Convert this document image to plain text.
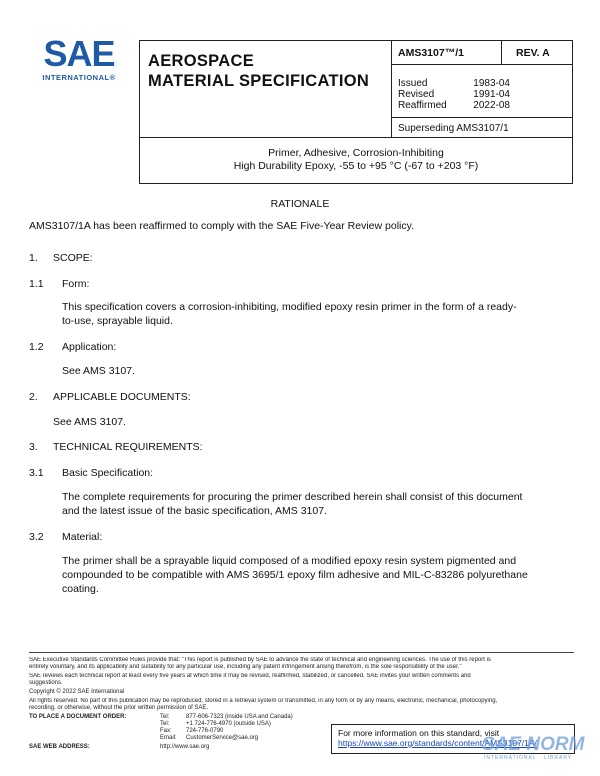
SAE
INTERNATIONAL®
AEROSPACE
MATERIAL SPECIFICATION
AMS3107™/1	REV. A
Issued	1983-04
Revised	1991-04
Reaffirmed	2022-08
Superseding AMS3107/1
Primer, Adhesive, Corrosion-Inhibiting
High Durability Epoxy, -55 to +95 °C (-67 to +203 °F)
RATIONALE
AMS3107/1A has been reaffirmed to comply with the SAE Five-Year Review policy.
1. SCOPE:
1.1 Form:
This specification covers a corrosion-inhibiting, modified epoxy resin primer in the form of a ready-
to-use, sprayable liquid.
1.2 Application:
See AMS 3107.
2. APPLICABLE DOCUMENTS:
See AMS 3107.
3. TECHNICAL REQUIREMENTS:
3.1 Basic Specification:
The complete requirements for procuring the primer described herein shall consist of this document
and the latest issue of the basic specification, AMS 3107.
3.2 Material:
The primer shall be a sprayable liquid composed of a modified epoxy resin system pigmented and
compounded to be compatible with AMS 3695/1 epoxy film adhesive and MIL-C-83286 polyurethane
coating.
SAE Executive Standards Committee Rules provide that: "This report is published by SAE to advance the state of technical and engineering sciences. The use of this report is
entirely voluntary, and its applicability and suitability for any particular use, including any patent infringement arising therefrom, is the sole responsibility of the user."
SAE reviews each technical report at least every five years at which time it may be revised, reaffirmed, stabilized, or cancelled. SAE invites your written comments and
suggestions.
Copyright © 2022 SAE International
All rights reserved. No part of this publication may be reproduced, stored in a retrieval system or transmitted, in any form or by any means, electronic, mechanical, photocopying,
recording, or otherwise, without the prior written permission of SAE.
TO PLACE A DOCUMENT ORDER:	Tel:	877-606-7323 (inside USA and Canada)
Tel:	+1 724-776-4970 (outside USA)
Fax: 724-776-0790
Email: CustomerService@sae.org
SAE WEB ADDRESS:	http://www.sae.org
For more information on this standard, visit
https://www.sae.org/standards/content/AMS3107/1A/
SAE NORM
INTERNATIONAL · LIBRARY
